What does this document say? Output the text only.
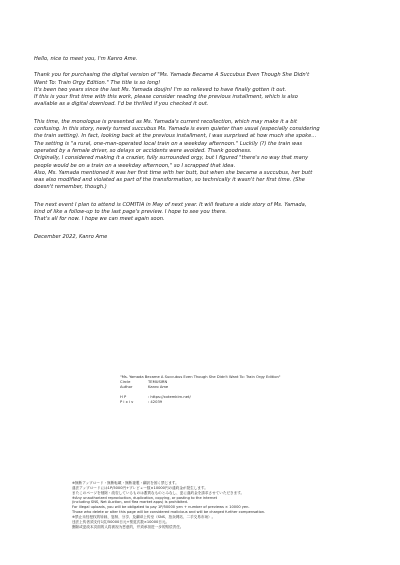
Hello, nice to meet you, I'm Kanro Ame.

Thank you for purchasing the digital version of "Ms. Yamada Became A Succubus Even Though She Didn't

Want To: Train Orgy Edition." The title is so long!

It's been two years since the last Ms. Yamada doujin! I'm so relieved to have finally gotten it out.

If this is your first time with this work, please consider reading the previous installment, which is also

available as a digital download. I'd be thrilled if you checked it out.

This time, the monologue is presented as Ms. Yamada's current recollection, which may make it a bit

confusing. In this story, newly turned succubus Ms. Yamada is even quieter than usual (especially considering

the train setting). In fact, looking back at the previous installment, I was surprised at how much she spoke...

The setting is "a rural, one-man-operated local train on a weekday afternoon." Luckily (?) the train was

operated by a female driver, so delays or accidents were avoided. Thank goodness.

Originally, I considered making it a crazier, fully surrounded orgy, but I figured "there's no way that many

people would be on a train on a weekday afternoon," so I scrapped that idea.

Also, Ms. Yamada mentioned it was her first time with her butt, but when she became a succubus, her butt

was also modified and violated as part of the transformation, so technically it wasn't her first time. (She

doesn't remember, though.)

The next event I plan to attend is COMITIA in May of next year. It will feature a side story of Ms. Yamada,

kind of like a follow-up to the last page's preview. I hope to see you there.

That's all for now. I hope we can meet again soon.

December 2022, Kanro Ame

"Ms. Yamada Became A Succubus Even Though She Didn't Want To: Train Orgy Edition"

Circle	TEMUSIRN
Author	Kanro Ame
H P	: https://xxtemkirn.net/
P i x i v	: 42039

※無断アップロード・無断転載・無断複製・翻訳を固く禁じます。

違法アップロードには1P/5000円+プレビュー数×10000円の違約金が発生します。

またこのページを削除・改変しているものは悪質なものとみなし、更に違約金を請求させていただきます。

※Any unauthorized reproduction, duplication, copying, or posting to the internet

(including SNS, Net Auction, and flea market apps) is prohibited.

For illegal uploads, you will be obligated to pay 1P/50000 yen + number of previews × 10000 yen.

Those who delete or alter this page will be considered malicious and will be charged further compensation.

※禁止未经授权的转载、复制、分享、及翻译上传至（SNS、拍卖网站、二手交易市场）。

违法上传者须支付1页/50000日元+预览次数×10000日元。

删除或更改本页面的人将被视为恶意的，并须承担进一步的赔偿责任。
